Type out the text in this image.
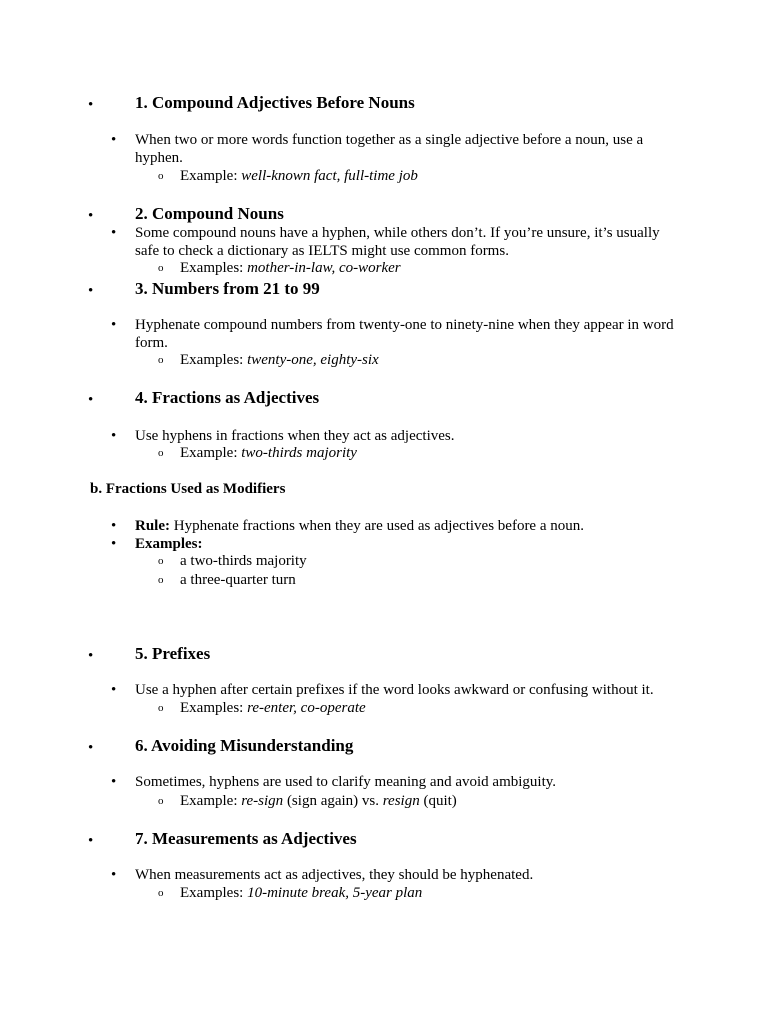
• 1. Compound Adjectives Before Nouns
• When two or more words function together as a single adjective before a noun, use a hyphen.
o Example: well-known fact, full-time job
• 2. Compound Nouns
• Some compound nouns have a hyphen, while others don’t. If you’re unsure, it’s usually safe to check a dictionary as IELTS might use common forms.
o Examples: mother-in-law, co-worker
• 3. Numbers from 21 to 99
• Hyphenate compound numbers from twenty-one to ninety-nine when they appear in word form.
o Examples: twenty-one, eighty-six
• 4. Fractions as Adjectives
• Use hyphens in fractions when they act as adjectives.
o Example: two-thirds majority
b. Fractions Used as Modifiers
• Rule: Hyphenate fractions when they are used as adjectives before a noun.
• Examples:
o a two-thirds majority
o a three-quarter turn
• 5. Prefixes
• Use a hyphen after certain prefixes if the word looks awkward or confusing without it.
o Examples: re-enter, co-operate
• 6. Avoiding Misunderstanding
• Sometimes, hyphens are used to clarify meaning and avoid ambiguity.
o Example: re-sign (sign again) vs. resign (quit)
• 7. Measurements as Adjectives
• When measurements act as adjectives, they should be hyphenated.
o Examples: 10-minute break, 5-year plan
